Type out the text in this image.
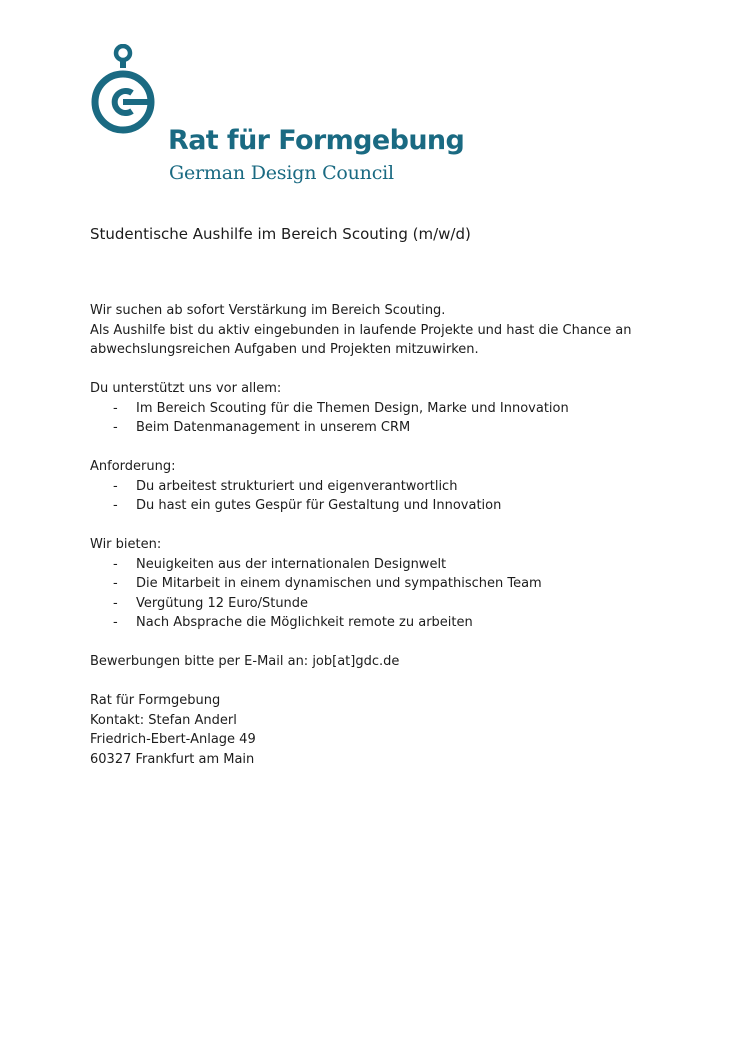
Rat für Formgebung
German Design Council
Studentische Aushilfe im Bereich Scouting (m/w/d)

Wir suchen ab sofort Verstärkung im Bereich Scouting.

Als Aushilfe bist du aktiv eingebunden in laufende Projekte und hast die Chance an

abwechslungsreichen Aufgaben und Projekten mitzuwirken.

Du unterstützt uns vor allem:

- Im Bereich Scouting für die Themen Design, Marke und Innovation

- Beim Datenmanagement in unserem CRM

Anforderung:

- Du arbeitest strukturiert und eigenverantwortlich

- Du hast ein gutes Gespür für Gestaltung und Innovation

Wir bieten:

- Neuigkeiten aus der internationalen Designwelt

- Die Mitarbeit in einem dynamischen und sympathischen Team

- Vergütung 12 Euro/Stunde

- Nach Absprache die Möglichkeit remote zu arbeiten

Bewerbungen bitte per E-Mail an: job[at]gdc.de

Rat für Formgebung

Kontakt: Stefan Anderl

Friedrich-Ebert-Anlage 49

60327 Frankfurt am Main
